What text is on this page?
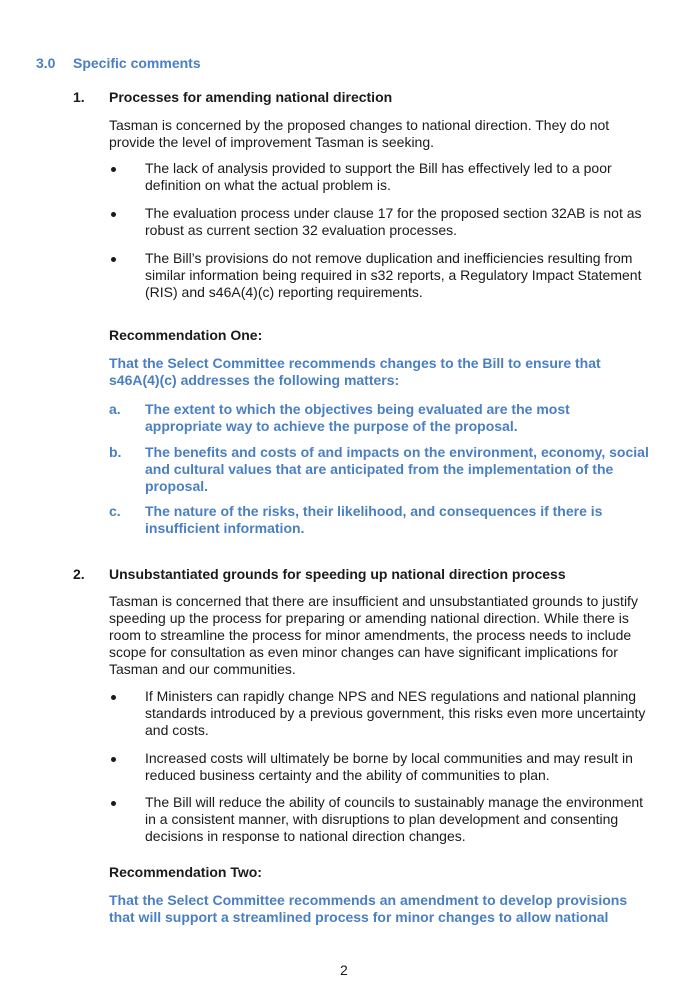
3.0 Specific comments
1. Processes for amending national direction
Tasman is concerned by the proposed changes to national direction. They do not provide the level of improvement Tasman is seeking.
The lack of analysis provided to support the Bill has effectively led to a poor definition on what the actual problem is.
The evaluation process under clause 17 for the proposed section 32AB is not as robust as current section 32 evaluation processes.
The Bill’s provisions do not remove duplication and inefficiencies resulting from similar information being required in s32 reports, a Regulatory Impact Statement (RIS) and s46A(4)(c) reporting requirements.
Recommendation One:
That the Select Committee recommends changes to the Bill to ensure that s46A(4)(c) addresses the following matters:
a. The extent to which the objectives being evaluated are the most appropriate way to achieve the purpose of the proposal.
b. The benefits and costs of and impacts on the environment, economy, social and cultural values that are anticipated from the implementation of the proposal.
c. The nature of the risks, their likelihood, and consequences if there is insufficient information.
2. Unsubstantiated grounds for speeding up national direction process
Tasman is concerned that there are insufficient and unsubstantiated grounds to justify speeding up the process for preparing or amending national direction. While there is room to streamline the process for minor amendments, the process needs to include scope for consultation as even minor changes can have significant implications for Tasman and our communities.
If Ministers can rapidly change NPS and NES regulations and national planning standards introduced by a previous government, this risks even more uncertainty and costs.
Increased costs will ultimately be borne by local communities and may result in reduced business certainty and the ability of communities to plan.
The Bill will reduce the ability of councils to sustainably manage the environment in a consistent manner, with disruptions to plan development and consenting decisions in response to national direction changes.
Recommendation Two:
That the Select Committee recommends an amendment to develop provisions that will support a streamlined process for minor changes to allow national
2
